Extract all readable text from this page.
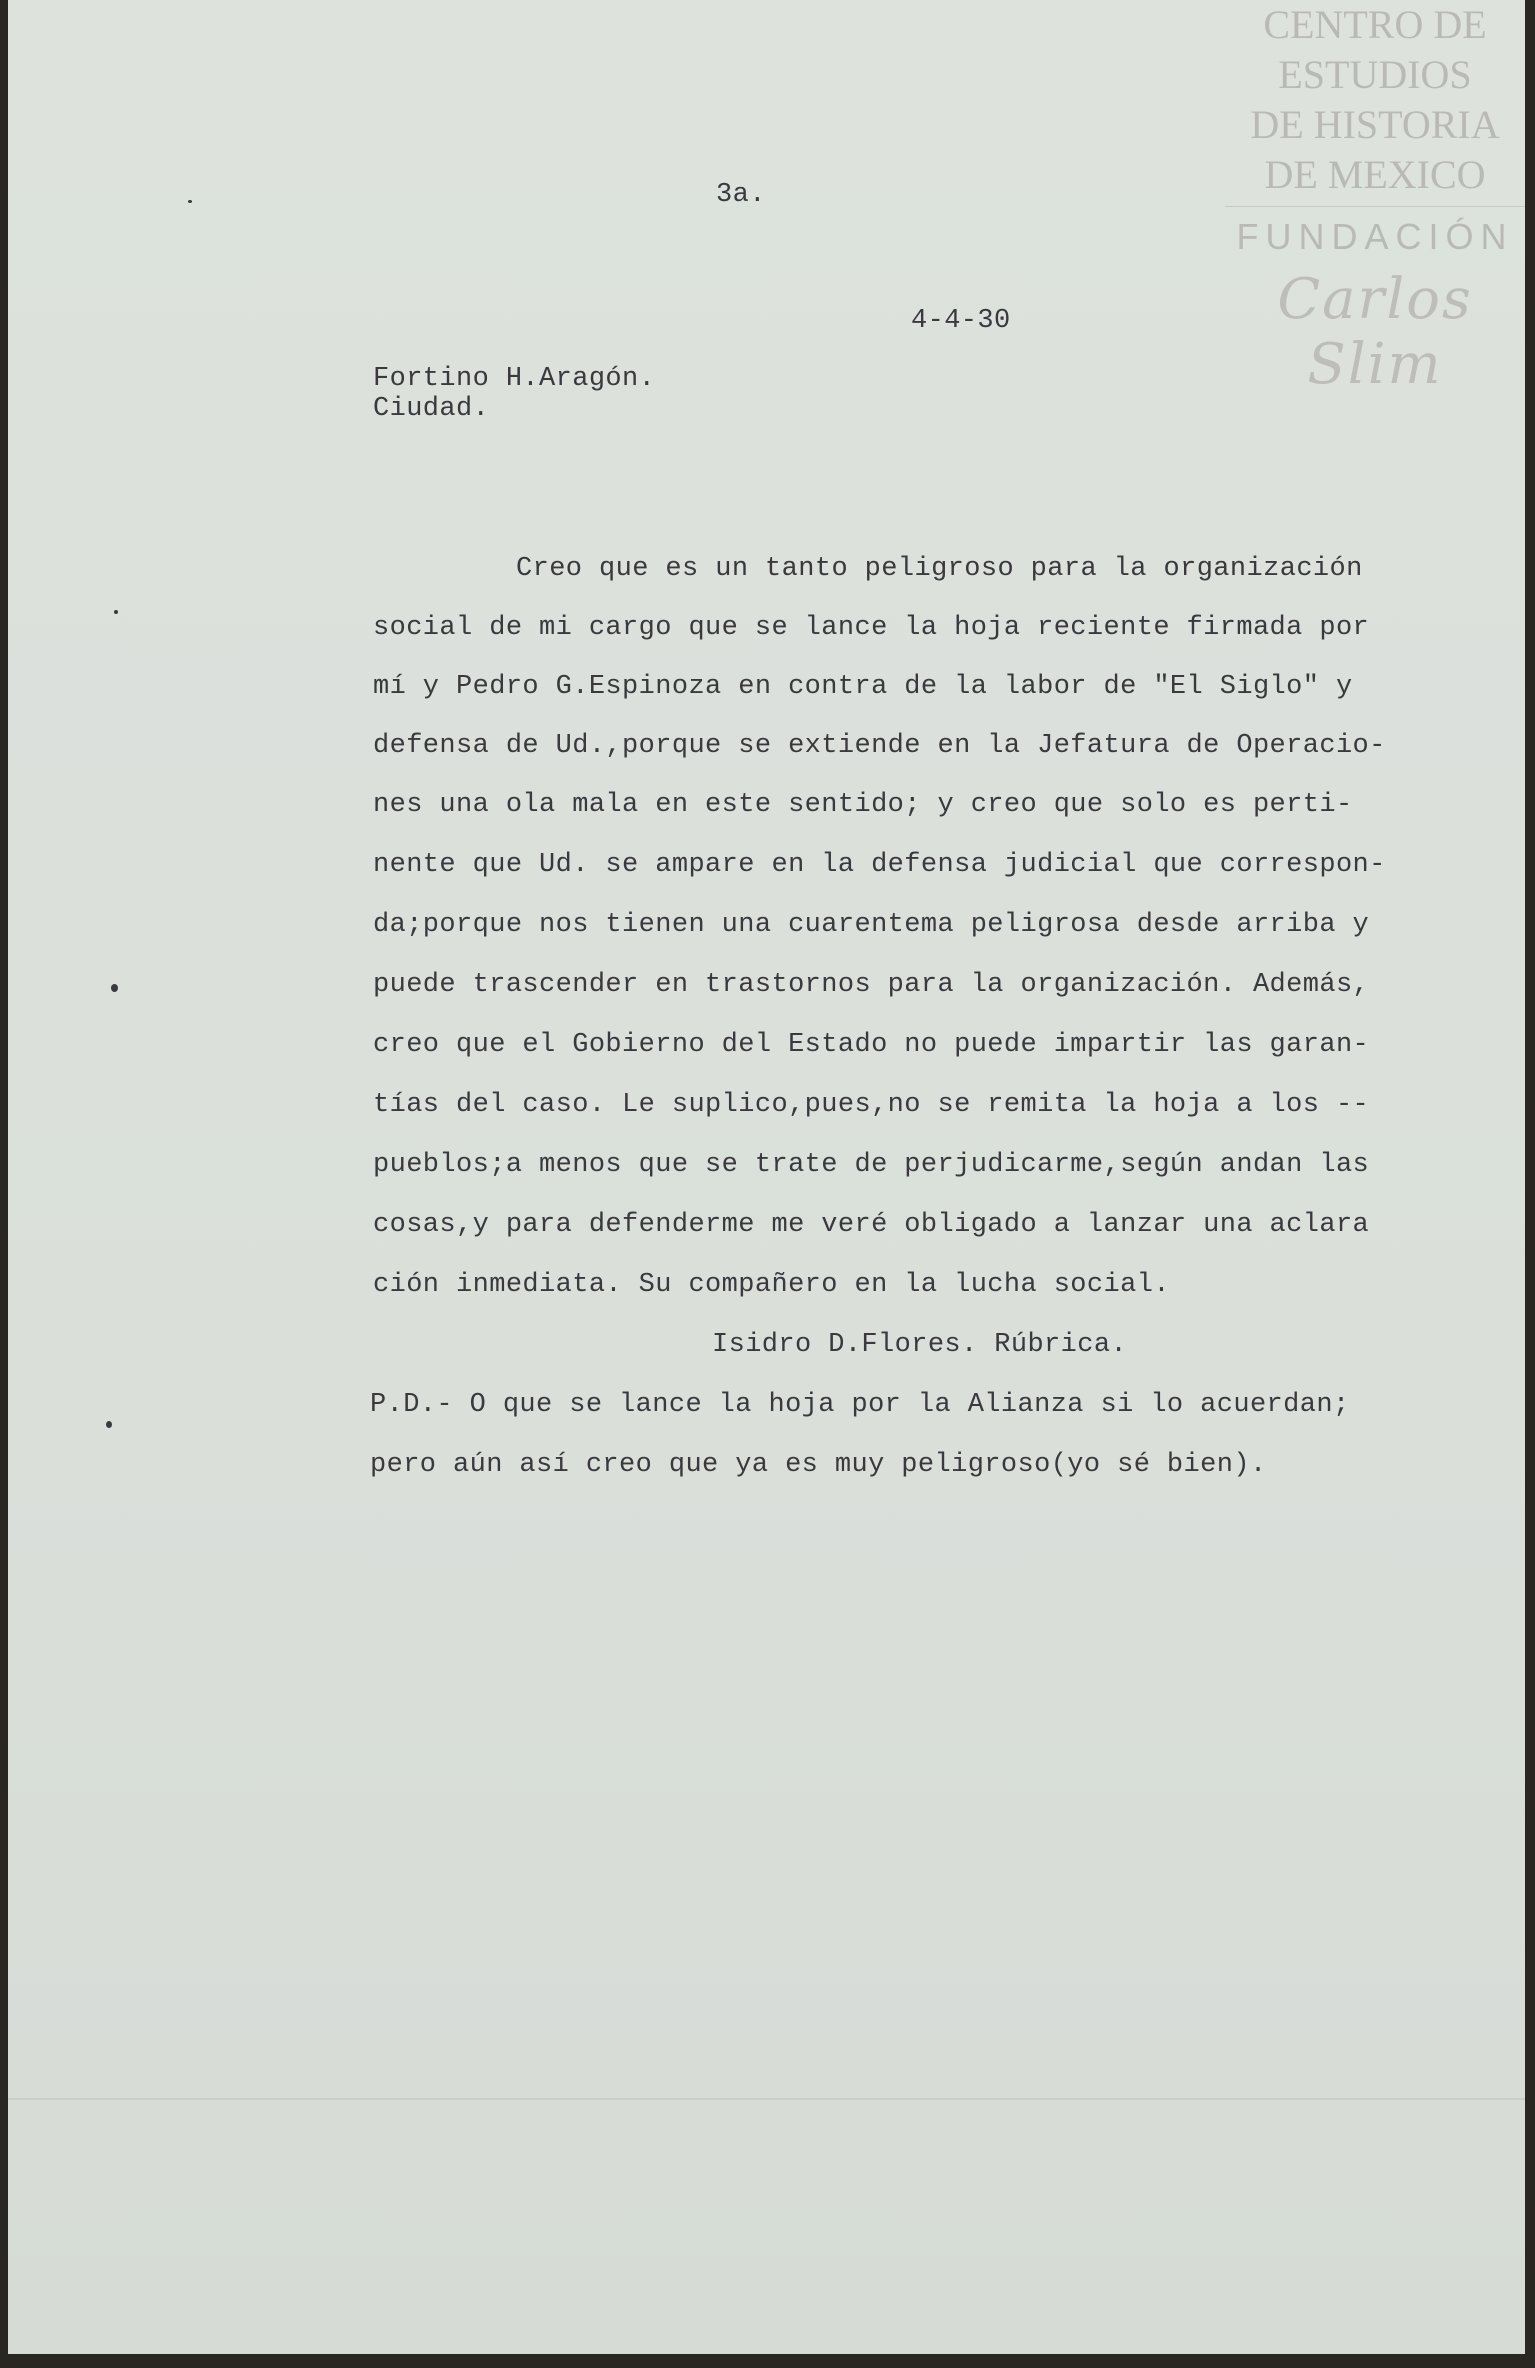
CENTRO DE
ESTUDIOS
DE HISTORIA
DE MEXICO
FUNDACIÓN
Carlos Slim
3a.
4-4-30
Fortino H.Aragón.
Ciudad.
Creo que es un tanto peligroso para la organización
social de mi cargo que se lance la hoja reciente firmada por
mí y Pedro G.Espinoza en contra de la labor de "El Siglo" y
defensa de Ud.,porque se extiende en la Jefatura de Operacio-
nes una ola mala en este sentido; y creo que solo es perti-
nente que Ud. se ampare en la defensa judicial que correspon-
da;porque nos tienen una cuarentema peligrosa desde arriba y
puede trascender en trastornos para la organización. Además,
creo que el Gobierno del Estado no puede impartir las garan-
tías del caso. Le suplico,pues,no se remita la hoja a los --
pueblos;a menos que se trate de perjudicarme,según andan las
cosas,y para defenderme me veré obligado a lanzar una aclara
ción inmediata. Su compañero en la lucha social.
Isidro D.Flores. Rúbrica.
P.D.- O que se lance la hoja por la Alianza si lo acuerdan;
pero aún así creo que ya es muy peligroso(yo sé bien).
